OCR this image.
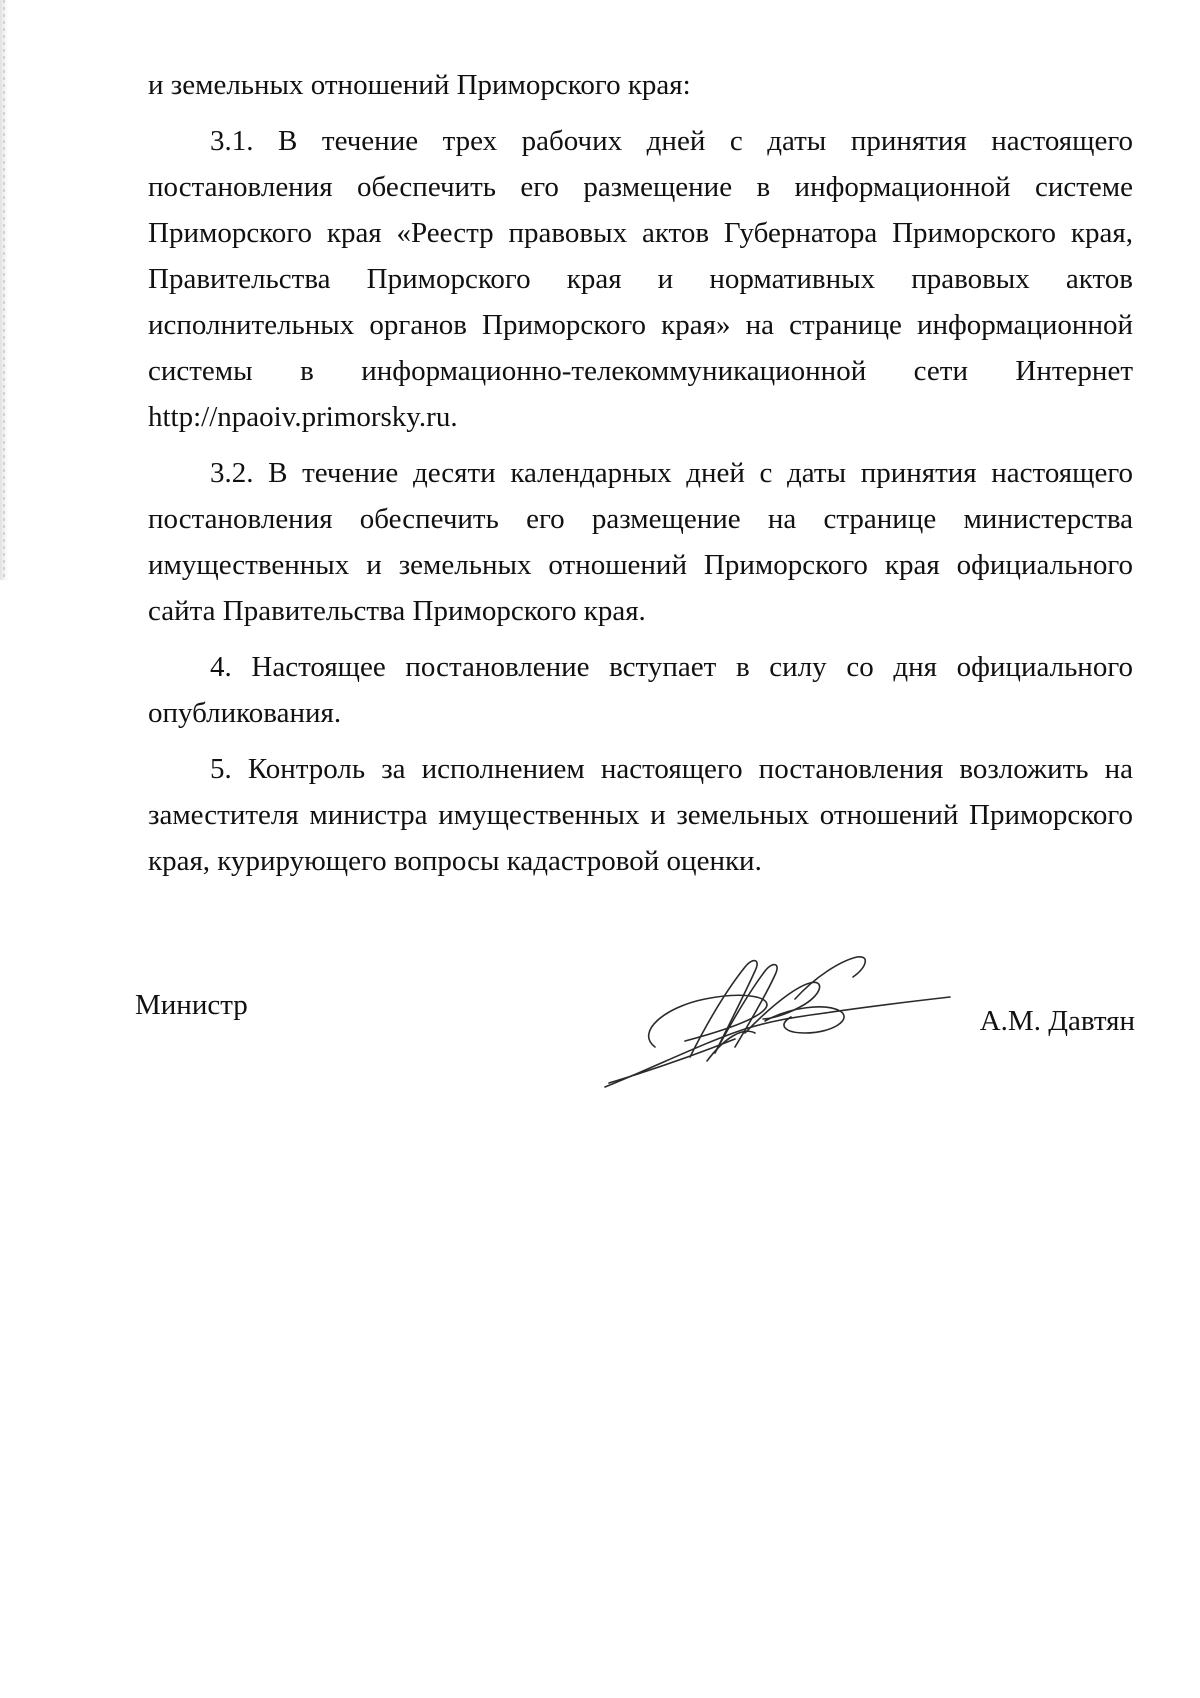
и земельных отношений Приморского края:

3.1. В течение трех рабочих дней с даты принятия настоящего постановления обеспечить его размещение в информационной системе Приморского края «Реестр правовых актов Губернатора Приморского края, Правительства Приморского края и нормативных правовых актов исполнительных органов Приморского края» на странице информационной системы в информационно-телекоммуникационной сети Интернет http://npaoiv.primorsky.ru.

3.2. В течение десяти календарных дней с даты принятия настоящего постановления обеспечить его размещение на странице министерства имущественных и земельных отношений Приморского края официального сайта Правительства Приморского края.

4. Настоящее постановление вступает в силу со дня официального опубликования.

5. Контроль за исполнением настоящего постановления возложить на заместителя министра имущественных и земельных отношений Приморского края, курирующего вопросы кадастровой оценки.

Министр	А.М. Давтян
